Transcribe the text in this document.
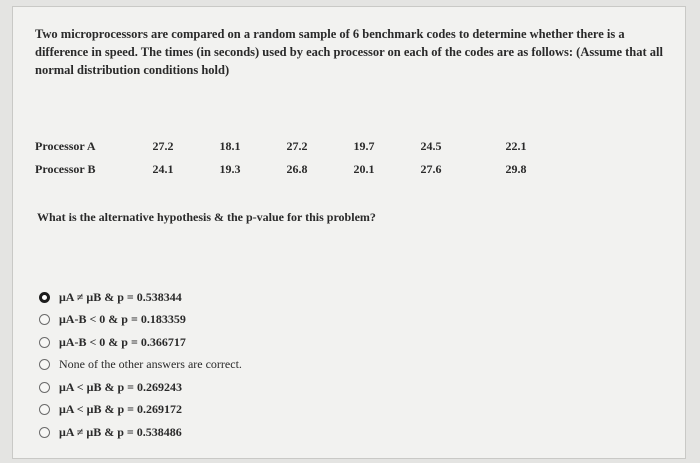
Two microprocessors are compared on a random sample of 6 benchmark codes to determine whether there is a difference in speed. The times (in seconds) used by each processor on each of the codes are as follows: (Assume that all normal distribution conditions hold)
Processor A	27.2	18.1	27.2	19.7	24.5	22.1
Processor B	24.1	19.3	26.8	20.1	27.6	29.8
What is the alternative hypothesis & the p-value for this problem?
μA ≠ μB & p = 0.538344
μA-B < 0 & p = 0.183359
μA-B < 0 & p = 0.366717
None of the other answers are correct.
μA < μB & p = 0.269243
μA < μB & p = 0.269172
μA ≠ μB & p = 0.538486
